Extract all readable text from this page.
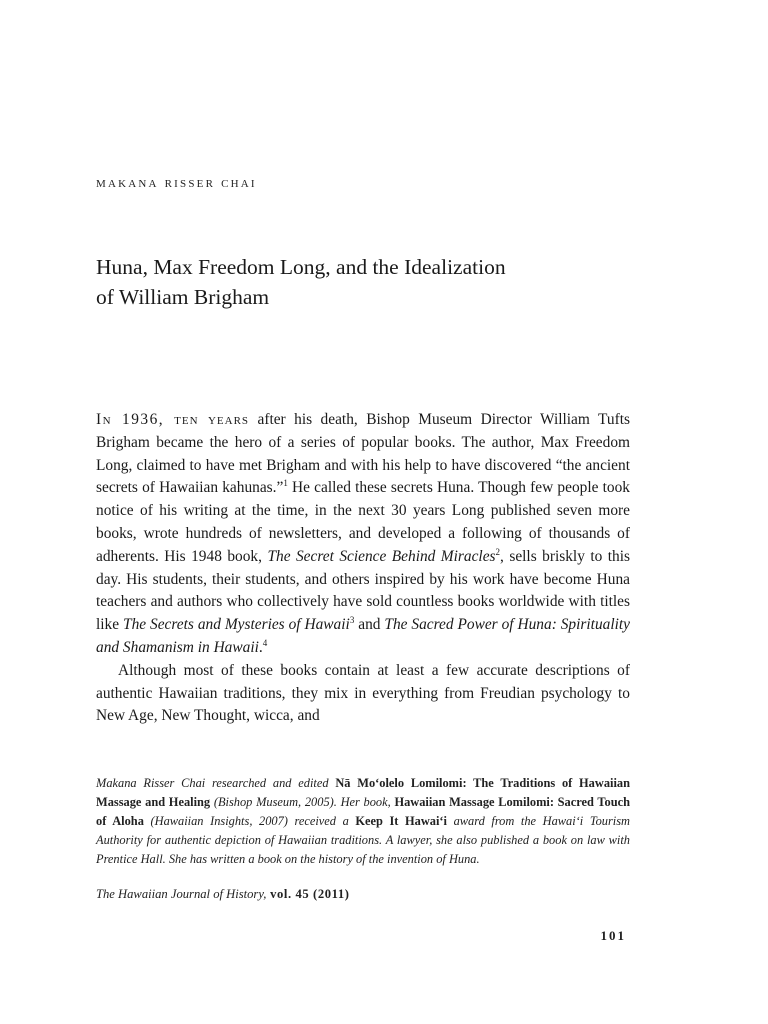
makana risser chai
Huna, Max Freedom Long, and the Idealization
of William Brigham

In 1936, ten years after his death, Bishop Museum Director William Tufts Brigham became the hero of a series of popular books. The author, Max Freedom Long, claimed to have met Brigham and with his help to have discovered “the ancient secrets of Hawaiian kahunas.”$^1$ He called these secrets Huna. Though few people took notice of his writing at the time, in the next 30 years Long published seven more books, wrote hundreds of newsletters, and developed a following of thousands of adherents. His 1948 book, The Secret Science Behind Miracles$^2$, sells briskly to this day. His students, their students, and others inspired by his work have become Huna teachers and authors who collectively have sold countless books worldwide with titles like The Secrets and Mysteries of Hawaii$^3$ and The Sacred Power of Huna: Spirituality and Shamanism in Hawaii.$^4$

Although most of these books contain at least a few accurate descriptions of authentic Hawaiian traditions, they mix in everything from Freudian psychology to New Age, New Thought, wicca, and

Makana Risser Chai researched and edited Nā Moʻolelo Lomilomi: The Traditions of Hawaiian Massage and Healing (Bishop Museum, 2005). Her book, Hawaiian Massage Lomilomi: Sacred Touch of Aloha (Hawaiian Insights, 2007) received a Keep It Hawaiʻi award from the Hawaiʻi Tourism Authority for authentic depiction of Hawaiian traditions. A lawyer, she also published a book on law with Prentice Hall. She has written a book on the history of the invention of Huna.
The Hawaiian Journal of History, vol. 45 (2011)
101
